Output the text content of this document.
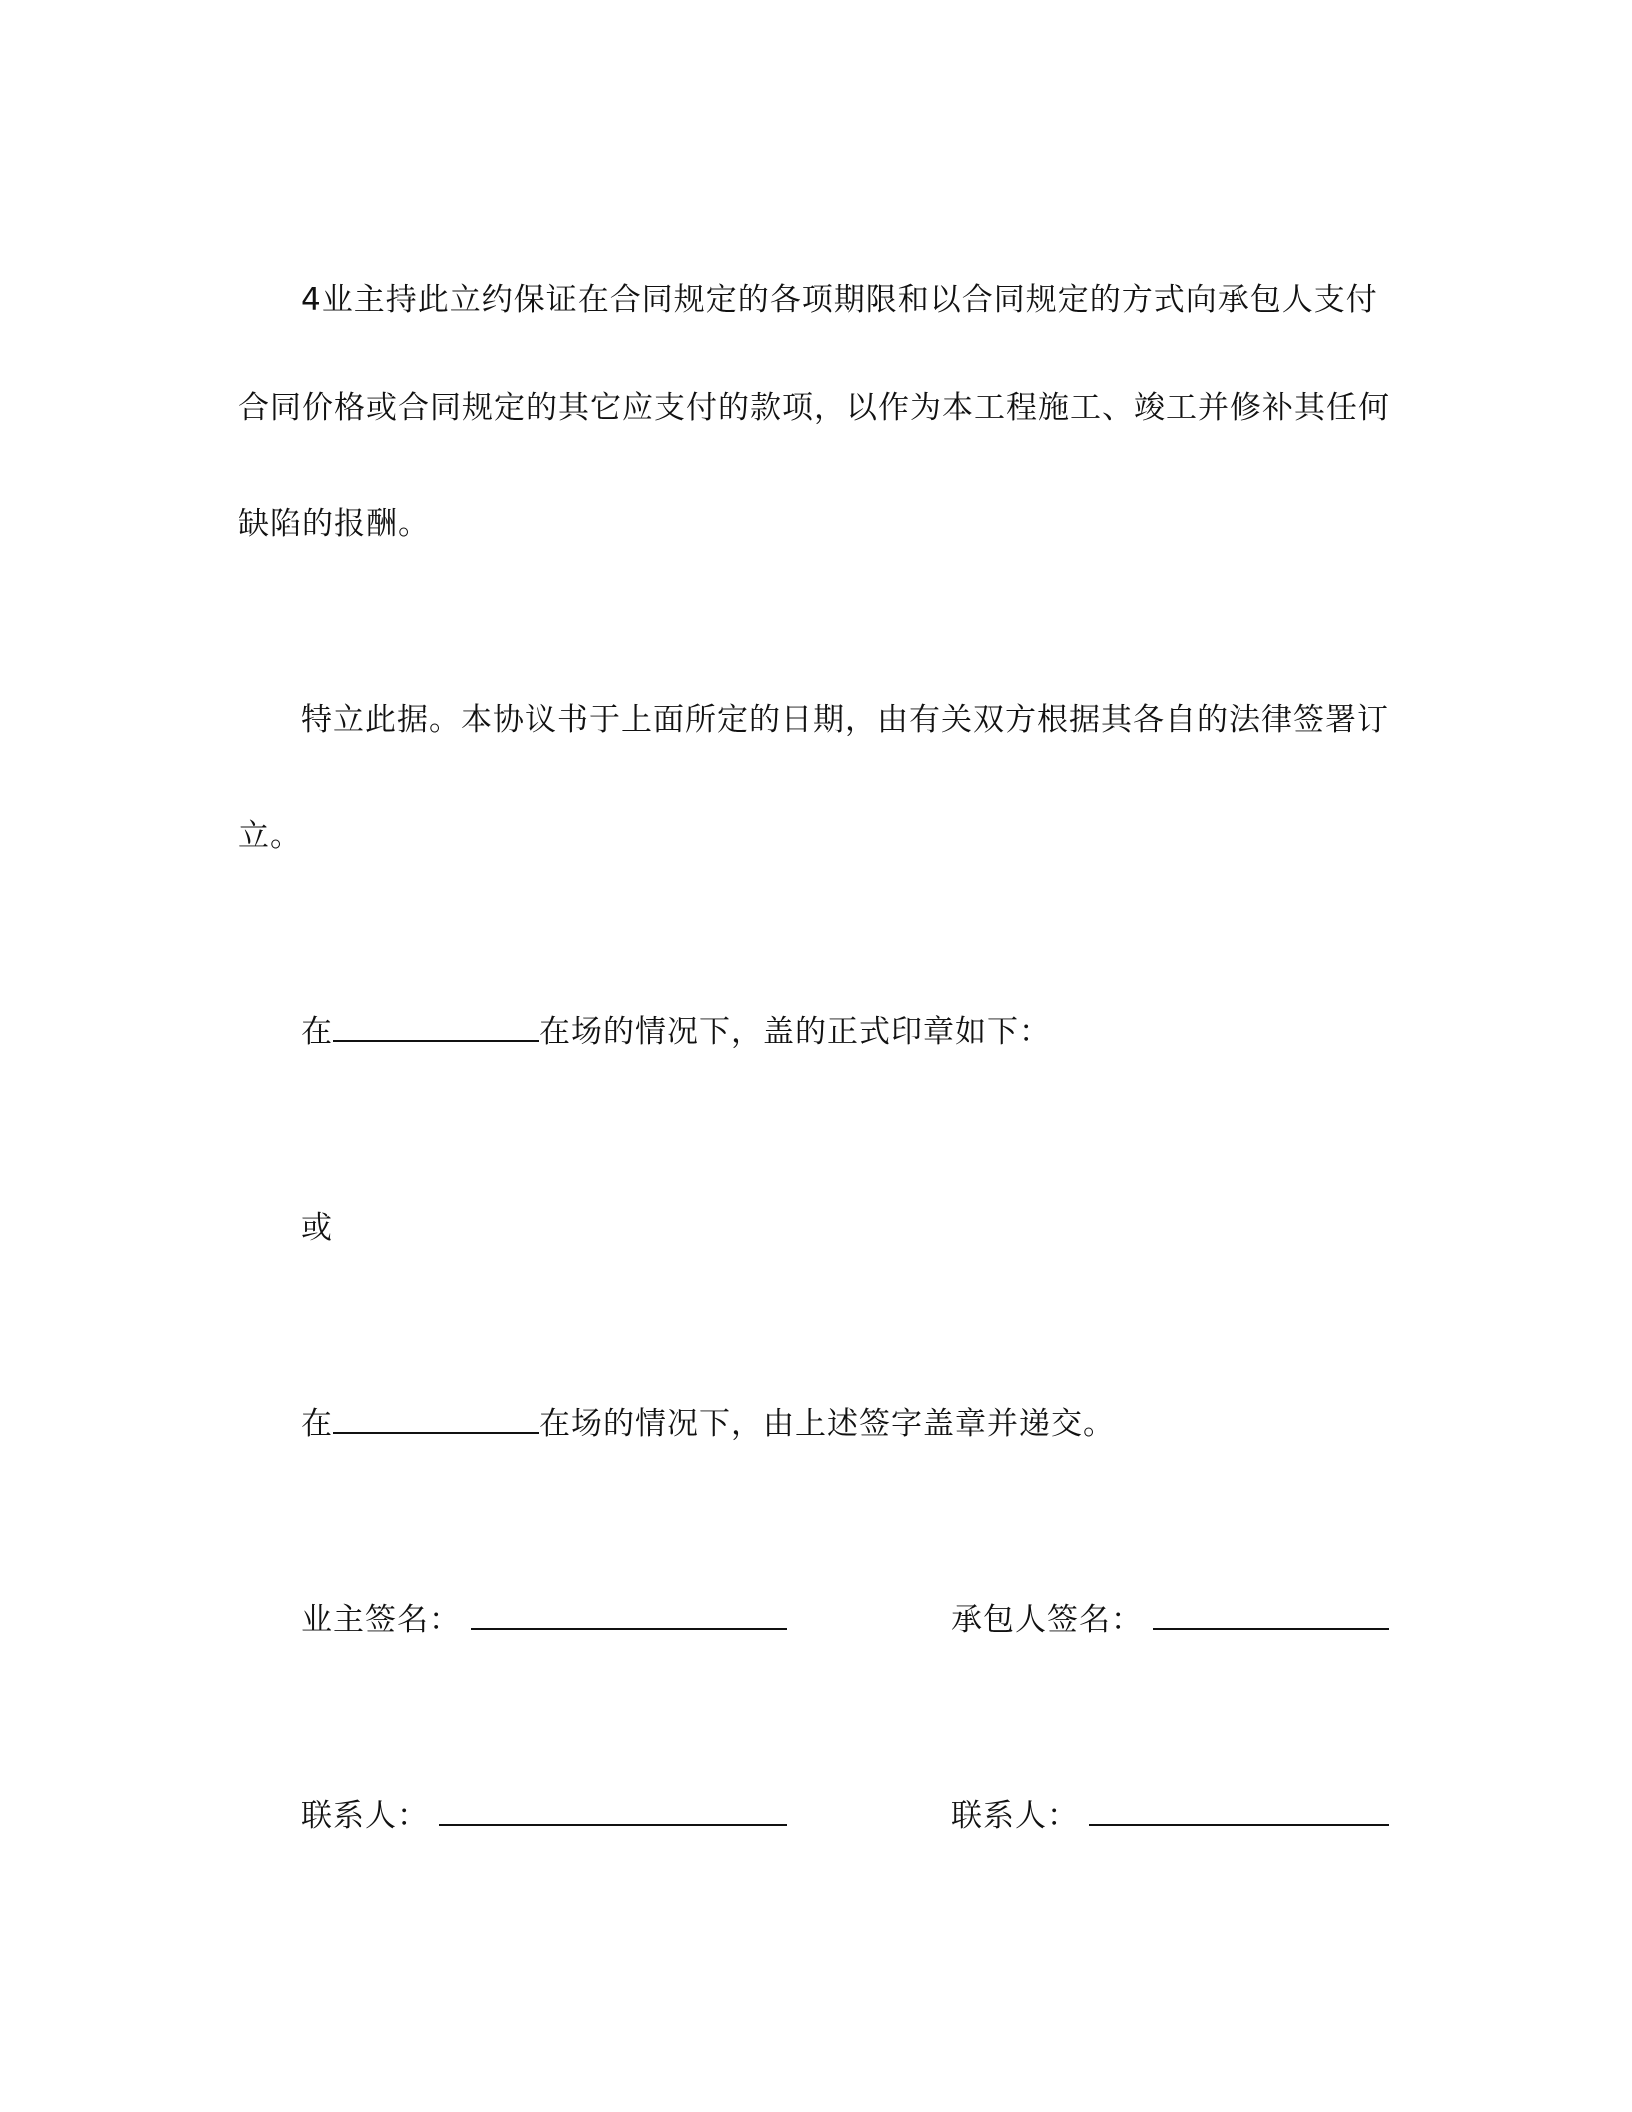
4业主持此立约保证在合同规定的各项期限和以合同规定的方式向承包人支付
合同价格或合同规定的其它应支付的款项，以作为本工程施工、竣工并修补其任何
缺陷的报酬。
特立此据。本协议书于上面所定的日期，由有关双方根据其各自的法律签署订
立。
在	在场的情况下，盖的正式印章如下：
或
在	在场的情况下，由上述签字盖章并递交。
业主签名：	承包人签名：
联系人：	联系人：
